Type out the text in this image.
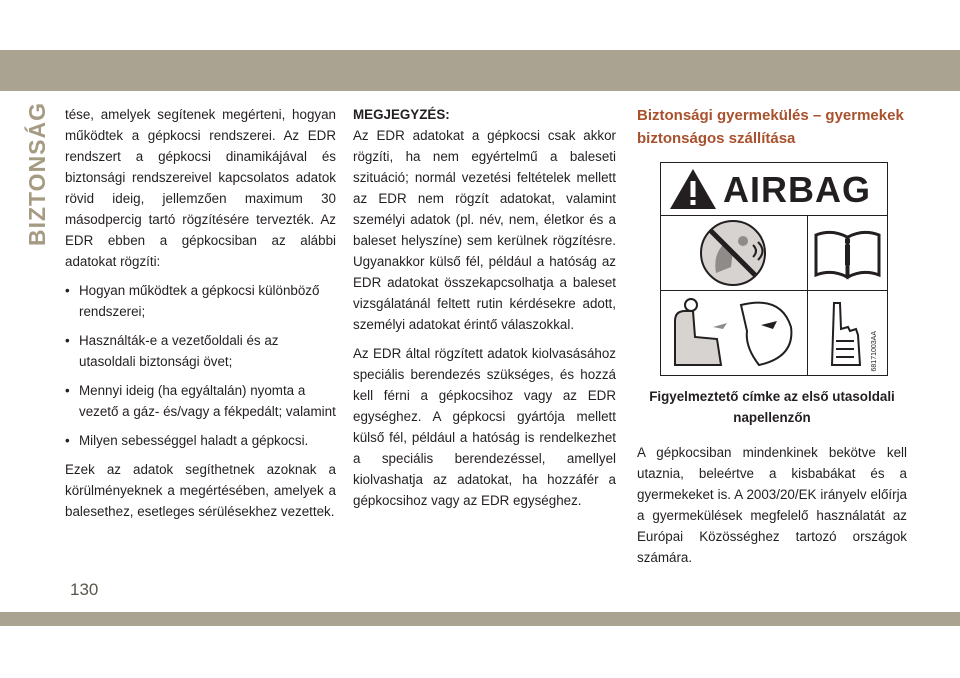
BIZTONSÁG
130

tése, amelyek segítenek megérteni, hogyan működtek a gépkocsi rendszerei. Az EDR rendszert a gépkocsi dinamikájával és biztonsági rendszereivel kapcsolatos adatok rövid ideig, jellemzően maximum 30 másodpercig tartó rögzítésére tervezték. Az EDR ebben a gépkocsiban az alábbi adatokat rögzíti:

• Hogyan működtek a gépkocsi különböző rendszerei;
• Használták-e a vezetőoldali és az utasoldali biztonsági övet;
• Mennyi ideig (ha egyáltalán) nyomta a vezető a gáz- és/vagy a fékpedált; valamint
• Milyen sebességgel haladt a gépkocsi.

Ezek az adatok segíthetnek azoknak a körülményeknek a megértésében, amelyek a balesethez, esetleges sérülésekhez vezettek.

MEGJEGYZÉS:

Az EDR adatokat a gépkocsi csak akkor rögzíti, ha nem egyértelmű a baleseti szituáció; normál vezetési feltételek mellett az EDR nem rögzít adatokat, valamint személyi adatok (pl. név, nem, életkor és a baleset helyszíne) sem kerülnek rögzítésre. Ugyanakkor külső fél, például a hatóság az EDR adatokat összekapcsolhatja a baleset vizsgálatánál feltett rutin kérdésekre adott, személyi adatokat érintő válaszokkal.

Az EDR által rögzített adatok kiolvasásához speciális berendezés szükséges, és hozzá kell férni a gépkocsihoz vagy az EDR egységhez. A gépkocsi gyártója mellett külső fél, például a hatóság is rendelkezhet a speciális berendezéssel, amellyel kiolvashatja az adatokat, ha hozzáfér a gépkocsihoz vagy az EDR egységhez.

Biztonsági gyermekülés – gyermekek biztonságos szállítása

AIRBAG
68171003AA

Figyelmeztető címke az első utasoldali napellenzőn

A gépkocsiban mindenkinek bekötve kell utaznia, beleértve a kisbabákat és a gyermekeket is. A 2003/20/EK irányelv előírja a gyermekülések megfelelő használatát az Európai Közösséghez tartozó országok számára.
